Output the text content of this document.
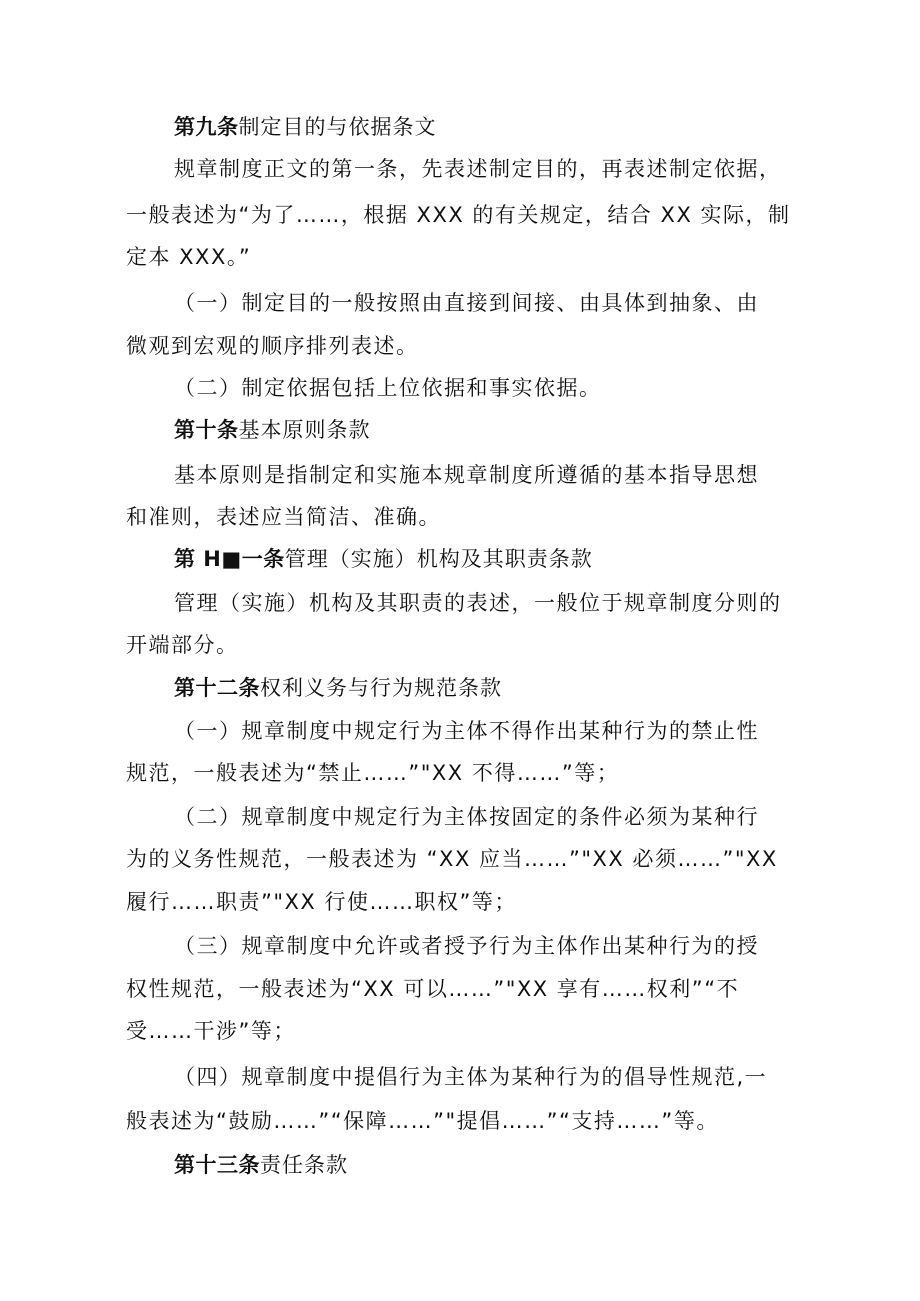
第九条制定目的与依据条文
规章制度正文的第一条，先表述制定目的，再表述制定依据，
一般表述为“为了……，根据 XXX 的有关规定，结合 XX 实际，制
定本 XXX。”
（一）制定目的一般按照由直接到间接、由具体到抽象、由
微观到宏观的顺序排列表述。
（二）制定依据包括上位依据和事实依据。
第十条基本原则条款
基本原则是指制定和实施本规章制度所遵循的基本指导思想
和准则，表述应当简洁、准确。
第 H■一条管理（实施）机构及其职责条款
管理（实施）机构及其职责的表述，一般位于规章制度分则的
开端部分。
第十二条权利义务与行为规范条款
（一）规章制度中规定行为主体不得作出某种行为的禁止性
规范，一般表述为“禁止……”"XX 不得……”等；
（二）规章制度中规定行为主体按固定的条件必须为某种行
为的义务性规范，一般表述为 “XX 应当……”"XX 必须……”"XX
履行……职责”"XX 行使……职权”等；
（三）规章制度中允许或者授予行为主体作出某种行为的授
权性规范，一般表述为“XX 可以……”"XX 享有……权利”“不
受……干涉”等；
（四）规章制度中提倡行为主体为某种行为的倡导性规范,一
般表述为“鼓励……”“保障……”"提倡……”“支持……”等。
第十三条责任条款
